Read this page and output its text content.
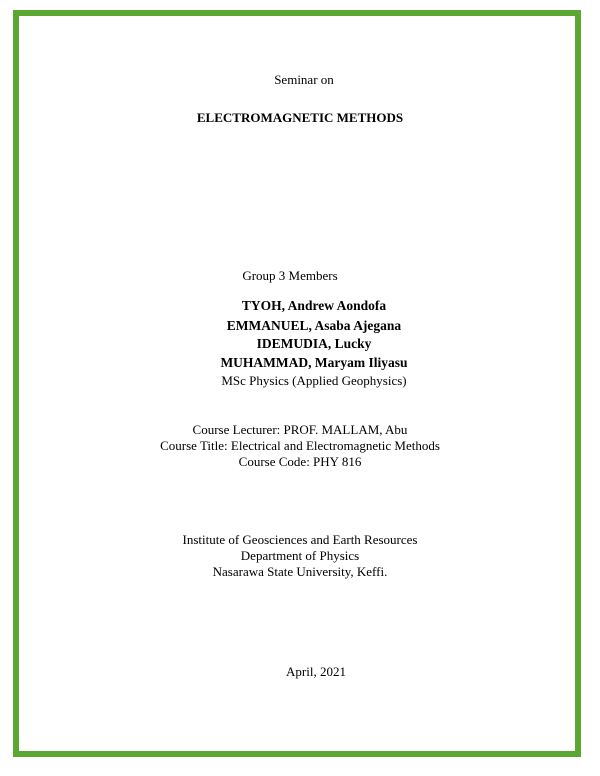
Seminar on
ELECTROMAGNETIC METHODS
Group 3 Members
TYOH, Andrew Aondofa
EMMANUEL, Asaba Ajegana
IDEMUDIA, Lucky
MUHAMMAD, Maryam Iliyasu
MSc Physics (Applied Geophysics)
Course Lecturer: PROF. MALLAM, Abu
Course Title: Electrical and Electromagnetic Methods
Course Code: PHY 816
Institute of Geosciences and Earth Resources
Department of Physics
Nasarawa State University, Keffi.
April, 2021
